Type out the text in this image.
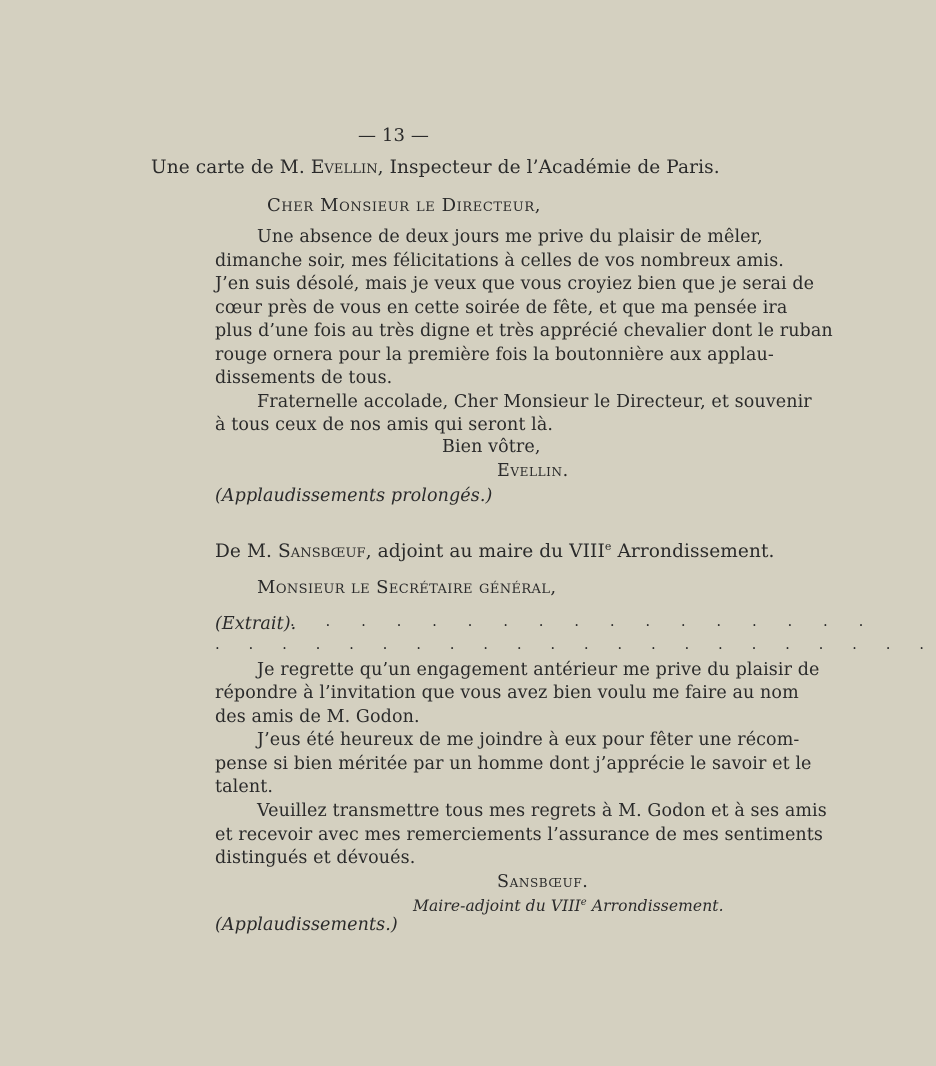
— 13 —
Une carte de M. Evellin, Inspecteur de l’Académie de Paris.
Cher Monsieur le Directeur,
Une absence de deux jours me prive du plaisir de mêler,
dimanche soir, mes félicitations à celles de vos nombreux amis.
J’en suis désolé, mais je veux que vous croyiez bien que je serai de
cœur près de vous en cette soirée de fête, et que ma pensée ira
plus d’une fois au très digne et très apprécié chevalier dont le ruban
rouge ornera p​our la première fois la boutonnière aux applau-
dissements de tous.
Fraternelle accolade, Cher Monsieur le Directeur, et souvenir
à tous ceux de nos amis qui seront là.
Bien vôtre,
Evellin.
(Applaudissements prolongés.)
De M. Sansbœuf, adjoint au maire du VIIIe Arrondissement.
Monsieur le Secrétaire général,
(Extrait).
. . . . . . . . . . . . . . . . .
. . . . . . . . . . . . . . . . . . . . . .
Je regrette qu’un engagement antérieur me prive du plaisir de
répondre à l’invitation que vous avez bien voulu me faire au nom
des amis de M. Godon.
J’eus été heureux de me joindre à eux pour fêter une récom-
pense si bien méritée par un homme dont j’apprécie le savoir et le
talent.
Veuillez transmettre tous mes regrets à M. Godon et à ses amis
et recevoir avec mes remerciements l’assurance de mes sentiments
distingués et dévoués.
Sansbœuf.
Maire-adjoint du VIIIe Arrondissement.
(Applaudissements.)
